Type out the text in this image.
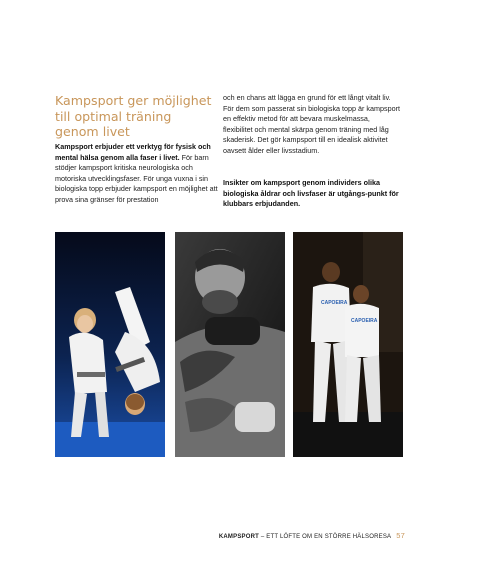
Kampsport ger möjlighet till optimal träning genom livet

Kampsport erbjuder ett verktyg för fysisk och mental hälsa genom alla faser i livet. För barn stödjer kampsport kritiska neurologiska och motoriska utvecklingsfaser. För unga vuxna i sin biologiska topp erbjuder kampsport en möjlighet att prova sina gränser för prestation

och en chans att lägga en grund för ett långt vitalt liv. För dem som passerat sin biologiska topp är kampsport en effektiv metod för att bevara muskelmassa, flexibilitet och mental skärpa genom träning med låg skaderisk. Det gör kampsport till en idealisk aktivitet oavsett ålder eller livsstadium.

Insikter om kampsport genom individers olika biologiska åldrar och livsfaser är utgångs-punkt för klubbars erbjudanden.

CAPOEIRA
CAPOEIRA
KAMPSPORT – ETT LÖFTE OM EN STÖRRE HÄLSORESA 57
